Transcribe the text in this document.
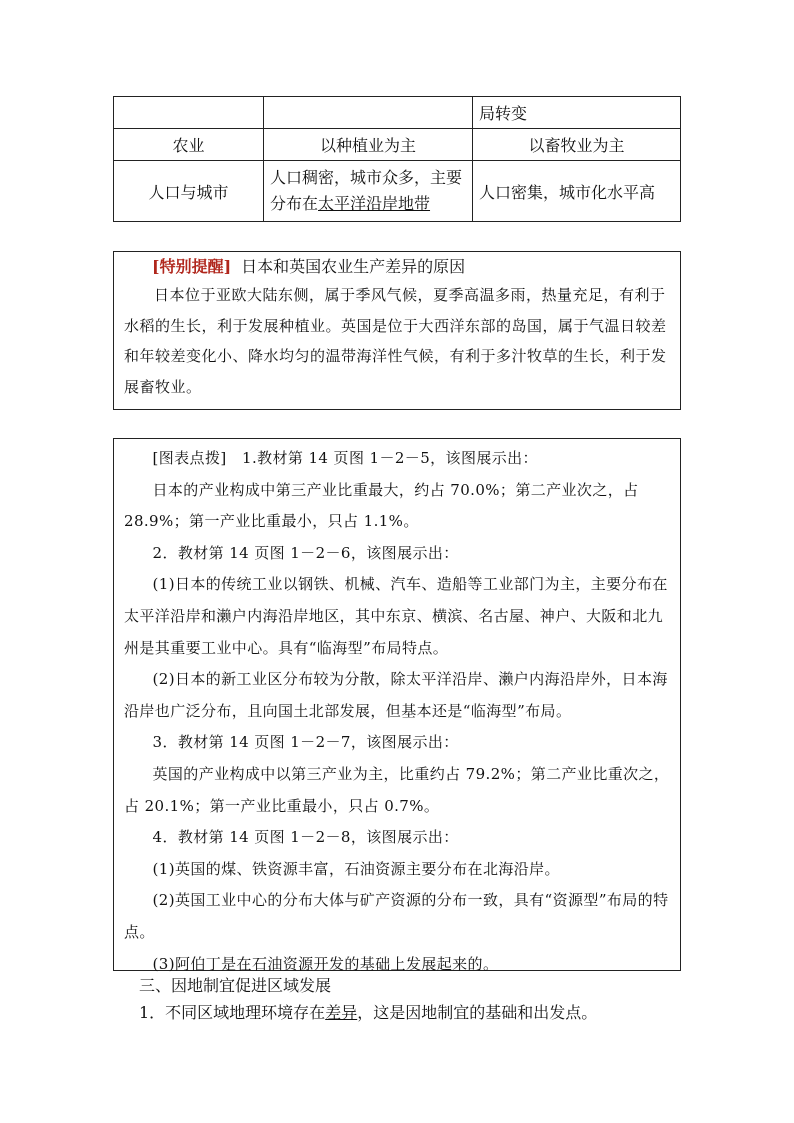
		局转变
农业	以种植业为主	以畜牧业为主
人口与城市	人口稠密，城市众多，主要分布在太平洋沿岸地带	人口密集，城市化水平高
[特别提醒] 日本和英国农业生产差异的原因

日本位于亚欧大陆东侧，属于季风气候，夏季高温多雨，热量充足，有利于水稻的生长，利于发展种植业。英国是位于大西洋东部的岛国，属于气温日较差和年较差变化小、降水均匀的温带海洋性气候，有利于多汁牧草的生长，利于发展畜牧业。

[图表点拨]　1.教材第 14 页图 1－2－5，该图展示出：

日本的产业构成中第三产业比重最大，约占 70.0%；第二产业次之，占 28.9%；第一产业比重最小，只占 1.1%。

2．教材第 14 页图 1－2－6，该图展示出：

(1)日本的传统工业以钢铁、机械、汽车、造船等工业部门为主，主要分布在太平洋沿岸和濑户内海沿岸地区，其中东京、横滨、名古屋、神户、大阪和北九州是其重要工业中心。具有“临海型”布局特点。

(2)日本的新工业区分布较为分散，除太平洋沿岸、濑户内海沿岸外，日本海沿岸也广泛分布，且向国土北部发展，但基本还是“临海型”布局。

3．教材第 14 页图 1－2－7，该图展示出：

英国的产业构成中以第三产业为主，比重约占 79.2%；第二产业比重次之，占 20.1%；第一产业比重最小，只占 0.7%。

4．教材第 14 页图 1－2－8，该图展示出：

(1)英国的煤、铁资源丰富，石油资源主要分布在北海沿岸。

(2)英国工业中心的分布大体与矿产资源的分布一致，具有“资源型”布局的特点。

(3)阿伯丁是在石油资源开发的基础上发展起来的。

三、因地制宜促进区域发展
1．不同区域地理环境存在差异，这是因地制宜的基础和出发点。
